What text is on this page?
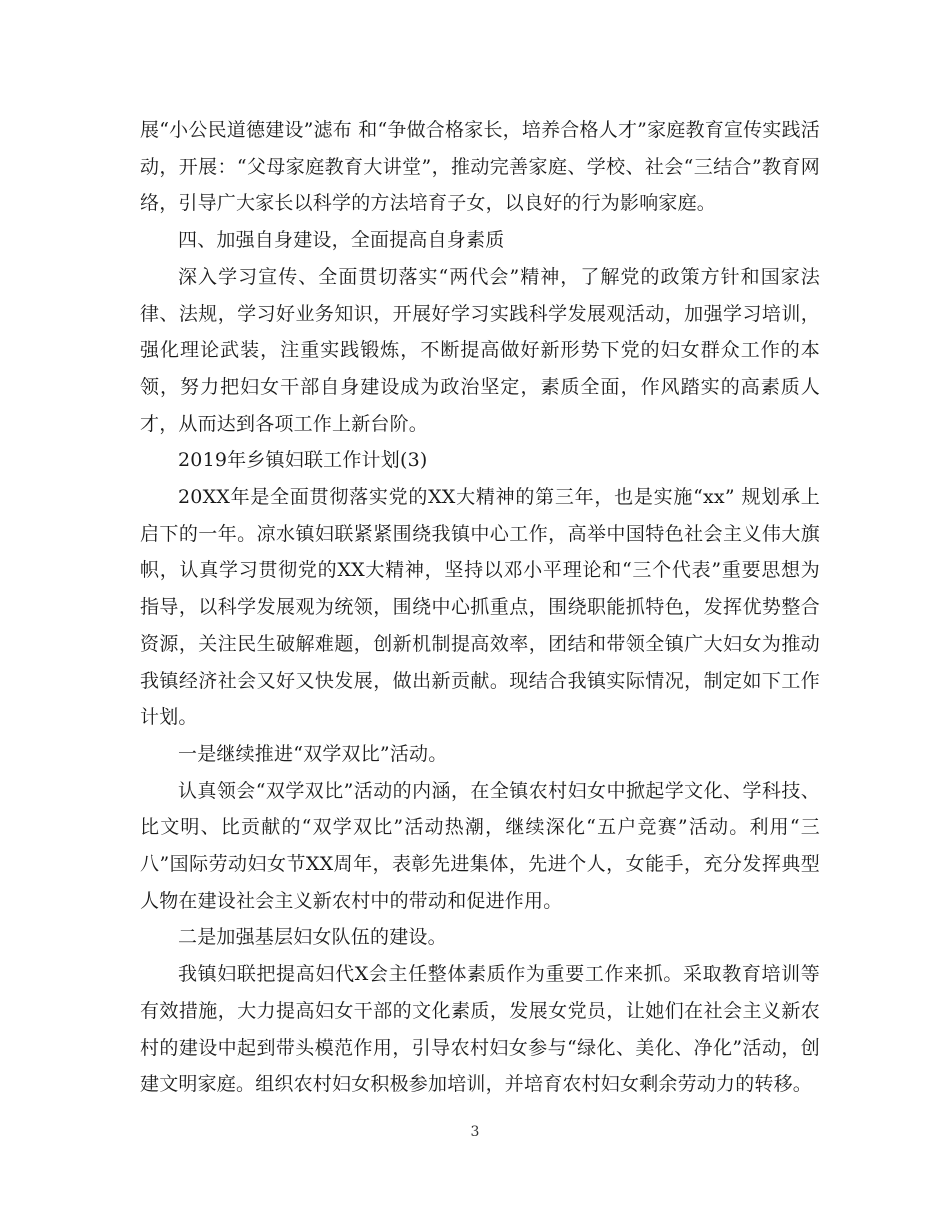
展“小公民道德建设”滤布 和“争做合格家长，培养合格人才”家庭教育宣传实践活动，开展：“父母家庭教育大讲堂”，推动完善家庭、学校、社会“三结合”教育网络，引导广大家长以科学的方法培育子女，以良好的行为影响家庭。

四、加强自身建设，全面提高自身素质

深入学习宣传、全面贯切落实“两代会”精神，了解党的政策方针和国家法律、法规，学习好业务知识，开展好学习实践科学发展观活动，加强学习培训，强化理论武装，注重实践锻炼，不断提高做好新形势下党的妇女群众工作的本领，努力把妇女干部自身建设成为政治坚定，素质全面，作风踏实的高素质人才，从而达到各项工作上新台阶。

2019年乡镇妇联工作计划(3)

20XX年是全面贯彻落实党的XX大精神的第三年，也是实施“xx” 规划承上启下的一年。凉水镇妇联紧紧围绕我镇中心工作，高举中国特色社会主义伟大旗帜，认真学习贯彻党的XX大精神，坚持以邓小平理论和“三个代表”重要思想为指导，以科学发展观为统领，围绕中心抓重点，围绕职能抓特色，发挥优势整合资源，关注民生破解难题，创新机制提高效率，团结和带领全镇广大妇女为推动我镇经济社会又好又快发展，做出新贡献。现结合我镇实际情况，制定如下工作计划。

一是继续推进“双学双比”活动。

认真领会“双学双比”活动的内涵，在全镇农村妇女中掀起学文化、学科技、比文明、比贡献的“双学双比”活动热潮，继续深化“五户竞赛”活动。利用“三八”国际劳动妇女节XX周年，表彰先进集体，先进个人，女能手，充分发挥典型人物在建设社会主义新农村中的带动和促进作用。

二是加强基层妇女队伍的建设。

我镇妇联把提高妇代X会主任整体素质作为重要工作来抓。采取教育培训等有效措施，大力提高妇女干部的文化素质，发展女党员，让她们在社会主义新农村的建设中起到带头模范作用，引导农村妇女参与“绿化、美化、净化”活动，创建文明家庭。组织农村妇女积极参加培训，并培育农村妇女剩余劳动力的转移。

3
